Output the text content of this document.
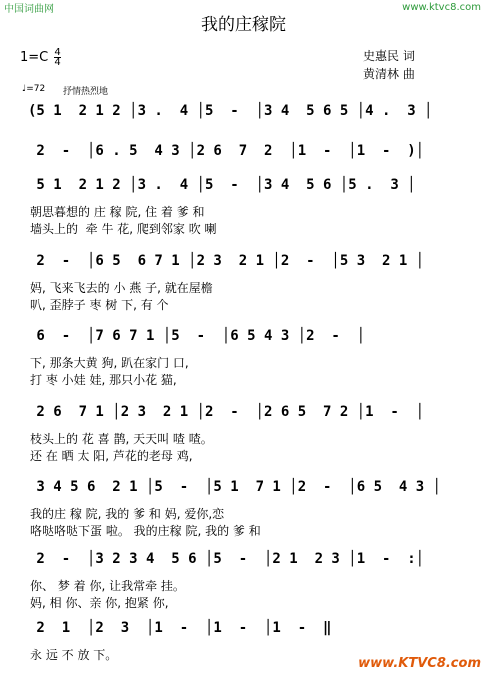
中国词曲网	www.ktvc8.com
我的庄稼院
$1=C \frac{4}{4}$	史惠民 词
黄清林 曲
♩=72 抒情热烈地
(5 1  2 1 2 │3 .  4 │5  -  │3 4  5 6 5 │4 .  3 │
2  -  │6 . 5  4 3 │2 6  7  2  │1  -  │1  -  )│
5 1  2 1 2 │3 .  4 │5  -  │3 4  5 6 │5 .  3 │
朝思暮想的 庄 稼 院, 住 着 爹 和
墙头上的  牵 牛 花, 爬到邻家 吹 喇
2  -  │6 5  6 7 1 │2 3  2 1 │2  -  │5 3  2 1 │
妈, 飞来飞去的 小 燕 子, 就在屋檐
叭, 歪脖子 枣 树 下, 有 个
6  -  │7 6 7 1 │5  -  │6 5 4 3 │2  -  │
下, 那条大黄 狗, 趴在家门 口,
打 枣 小娃 娃, 那只小花 猫,
2 6  7 1 │2 3  2 1 │2  -  │2 6 5  7 2 │1  -  │
枝头上的 花 喜 鹊, 天天叫 喳 喳。
还 在 晒 太 阳, 芦花的老母 鸡,
3 4 5 6  2 1 │5  -  │5 1  7 1 │2  -  │6 5  4 3 │
我的庄 稼 院, 我的 爹 和 妈, 爱你,恋
咯哒咯哒下蛋 啦。 我的庄稼 院, 我的 爹 和
2  -  │3 2 3 4  5 6 │5  -  │2 1  2 3 │1  -  :│
你、 梦 着 你, 让我常牵 挂。
妈, 相 你、亲 你, 抱紧 你,
2  1  │2  3  │1  -  │1  -  │1  -  ‖
永 远 不 放 下。
www.KTVC8.com
